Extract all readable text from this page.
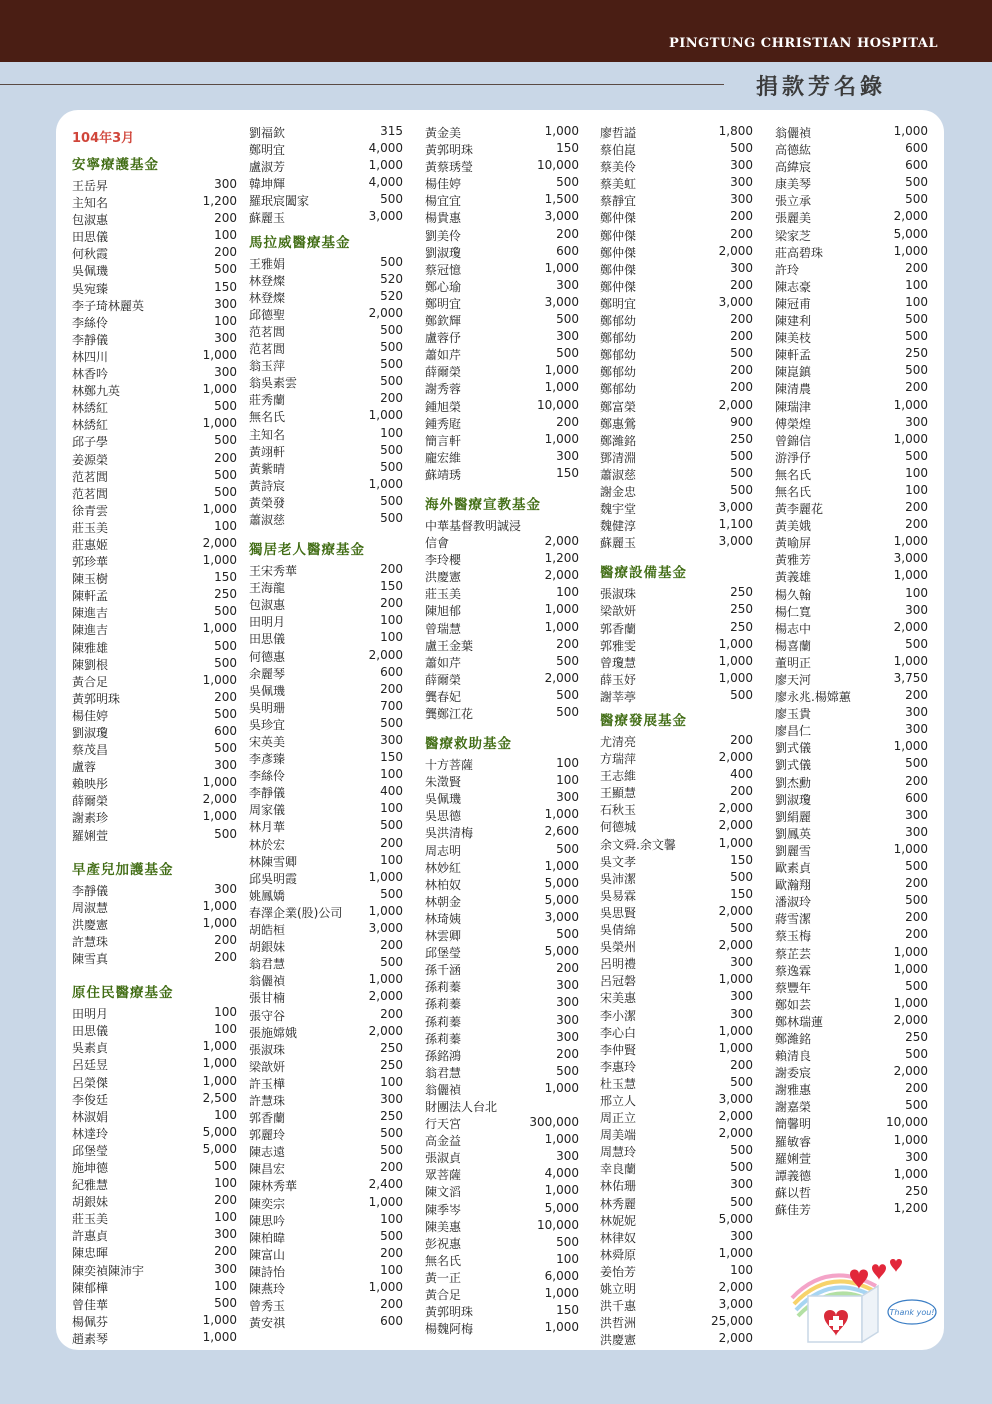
PINGTUNG CHRISTIAN HOSPITAL
捐款芳名錄
104年3月
安寧療護基金
王岳昇	300
主知名	1,200
包淑惠	200
田思儀	100
何秋霞	200
吳佩璣	500
吳宛臻	150
李子琦林麗英	300
李絲伶	100
李靜儀	300
林四川	1,000
林香吟	300
林鄭九英	1,000
林綉紅	500
林綉紅	1,000
邱子學	500
姜源榮	200
范茗閭	500
范茗閭	500
徐青雲	1,000
莊玉美	100
莊惠姬	2,000
郭珍華	1,000
陳玉樹	150
陳軒孟	250
陳進吉	500
陳進吉	1,000
陳雅雄	500
陳劉根	500
黃合足	1,000
黃郭明珠	200
楊佳婷	500
劉淑瓊	600
蔡茂昌	500
盧蓉	300
賴映彤	1,000
薛爾榮	2,000
謝素珍	1,000
羅娳萱	500
早產兒加護基金
李靜儀	300
周淑慧	1,000
洪慶憲	1,000
許慧珠	200
陳雪真	200
原住民醫療基金
田明月	100
田思儀	100
吳素貞	1,000
呂廷昱	1,000
呂榮傑	1,000
李俊廷	2,500
林淑娟	100
林達玲	5,000
邱堡瑩	5,000
施坤德	500
紀雅慧	100
胡銀妹	200
莊玉美	100
許惠貞	300
陳忠暉	200
陳奕禎陳沛宇	300
陳郁樺	100
曾佳華	500
楊佩芬	1,000
趙素琴	1,000
劉福欽	315
鄭明宜	4,000
盧淑芳	1,000
韓坤輝	4,000
羅珉宸闔家	500
蘇麗玉	3,000
馬拉威醫療基金
王雅娟	500
林登燦	520
林登燦	520
邱德聖	2,000
范茗閭	500
范茗閭	500
翁玉萍	500
翁吳素雲	500
莊秀蘭	200
無名氏	1,000
主知名	100
黃翊軒	500
黃紫晴	500
黃詩宸	1,000
黃榮發	500
蕭淑慈	500
獨居老人醫療基金
王宋秀華	200
王海龍	150
包淑惠	200
田明月	100
田思儀	100
何德惠	2,000
余麗琴	600
吳佩璣	200
吳明珊	700
吳珍宜	500
宋英美	300
李彥臻	150
李絲伶	100
李靜儀	400
周家儀	100
林月華	500
林於宏	200
林陳雪卿	100
邱吳明霞	1,000
姚鳳嬌	500
春澤企業(股)公司 1,000
胡皓桓	3,000
胡銀妹	200
翁君慧	500
翁儷禎	1,000
張甘楠	2,000
張守谷	200
張施嫦娥	2,000
張淑珠	250
梁歆妍	250
許玉樺	100
許慧珠	300
郭香蘭	250
郭麗玲	500
陳志遠	500
陳昌宏	200
陳林秀華	2,400
陳奕宗	1,000
陳思吟	100
陳柏暐	500
陳富山	200
陳詩怡	100
陳燕玲	1,000
曾秀玉	200
黃安祺	600
黃金美	1,000
黃郭明珠	150
黃蔡琇瑩	10,000
楊佳婷	500
楊宜宜	1,500
楊貴惠	3,000
劉美伶	200
劉淑瓊	600
蔡冠憶	1,000
鄭心瑜	300
鄭明宜	3,000
鄭欽輝	500
盧蓉伃	300
蕭如芹	500
薛爾榮	1,000
謝秀蓉	1,000
鍾旭榮	10,000
鍾秀屘	200
簡言軒	1,000
龐宏維	300
蘇靖琇	150
海外醫療宣教基金
中華基督教明誠浸
信會	2,000
李玲櫻	1,200
洪慶憲	2,000
莊玉美	100
陳旭郁	1,000
曾瑞慧	1,000
盧王金葉	200
蕭如芹	500
薛爾榮	2,000
龔春妃	500
龔鄭江花	500
醫療救助基金
十方菩薩	100
朱澂賢	100
吳佩璣	300
吳思德	1,000
吳洪清梅	2,600
周志明	500
林妙紅	1,000
林柏奴	5,000
林朝金	5,000
林琦姨	3,000
林雲卿	500
邱堡瑩	5,000
孫千涵	200
孫莉蓁	300
孫莉蓁	300
孫莉蓁	300
孫莉蓁	300
孫銘鴻	200
翁君慧	500
翁儷禎	1,000
財團法人台北
行天宮	300,000
高金益	1,000
張淑貞	300
眾菩薩	4,000
陳文滔	1,000
陳季岑	5,000
陳美惠	10,000
彭祝惠	500
無名氏	100
黃一正	6,000
黃合足	1,000
黃郭明珠	150
楊魏阿梅	1,000
廖哲謚	1,800
蔡伯崑	500
蔡美伶	300
蔡美虹	300
蔡靜宜	300
鄭仲傑	200
鄭仲傑	200
鄭仲傑	2,000
鄭仲傑	300
鄭仲傑	200
鄭明宜	3,000
鄭郁幼	200
鄭郁幼	200
鄭郁幼	500
鄭郁幼	200
鄭郁幼	200
鄭富榮	2,000
鄭惠鶯	900
鄭濰銘	250
鄧清淵	500
蕭淑慈	500
謝金忠	500
魏宇堂	3,000
魏健淳	1,100
蘇麗玉	3,000
醫療設備基金
張淑珠	250
梁歆妍	250
郭香蘭	250
郭雅雯	1,000
曾瓊慧	1,000
薛玉妤	1,000
謝莘葶	500
醫療發展基金
尤清亮	200
方瑞萍	2,000
王志維	400
王顯慧	200
石秋玉	2,000
何德城	2,000
余文舜.余文馨	1,000
吳文孝	150
吳沛潔	500
吳易霖	150
吳思賢	2,000
吳倩綿	500
吳榮州	2,000
呂明禮	300
呂冠磐	1,000
宋美惠	300
李小潔	300
李心白	1,000
李仲賢	1,000
李惠玲	200
杜玉慧	500
邢立人	3,000
周正立	2,000
周美端	2,000
周慧玲	500
幸良蘭	500
林佑珊	300
林秀麗	500
林妮妮	5,000
林律奴	300
林舜原	1,000
姜怡芳	100
姚立明	2,000
洪千惠	3,000
洪哲洲	25,000
洪慶憲	2,000
翁儷禎	1,000
高德紘	600
高緯宸	600
康美琴	500
張立承	500
張麗美	2,000
梁家芝	5,000
莊高碧珠	1,000
許玲	200
陳志豪	100
陳冠甫	100
陳建利	500
陳美枝	500
陳軒孟	250
陳崑鎮	500
陳清農	200
陳瑞津	1,000
傅榮煌	300
曾錦信	1,000
游淨伃	500
無名氏	100
無名氏	100
黃李麗花	200
黃美娥	200
黃喻屏	1,000
黃雅芳	3,000
黃義雄	1,000
楊久翰	100
楊仁寬	300
楊志中	2,000
楊喜蘭	500
董明正	1,000
廖天河	3,750
廖永兆.楊嫦蕙	200
廖玉貴	300
廖昌仁	300
劉式儀	1,000
劉式儀	500
劉杰勳	200
劉淑瓊	600
劉絹麗	300
劉鳳英	300
劉麗雪	1,000
歐素貞	500
歐瀚翔	200
潘淑玲	500
蔣雪潔	200
蔡玉梅	200
蔡芷芸	1,000
蔡逸霖	1,000
蔡豐年	500
鄭如芸	1,000
鄭林瑞蓮	2,000
鄭濰銘	250
賴清良	500
謝委宸	2,000
謝雅惠	200
謝嘉榮	500
簡馨明	10,000
羅敏睿	1,000
羅娳萱	300
譚義德	1,000
蘇以哲	250
蘇佳芳	1,200
Thank you!
